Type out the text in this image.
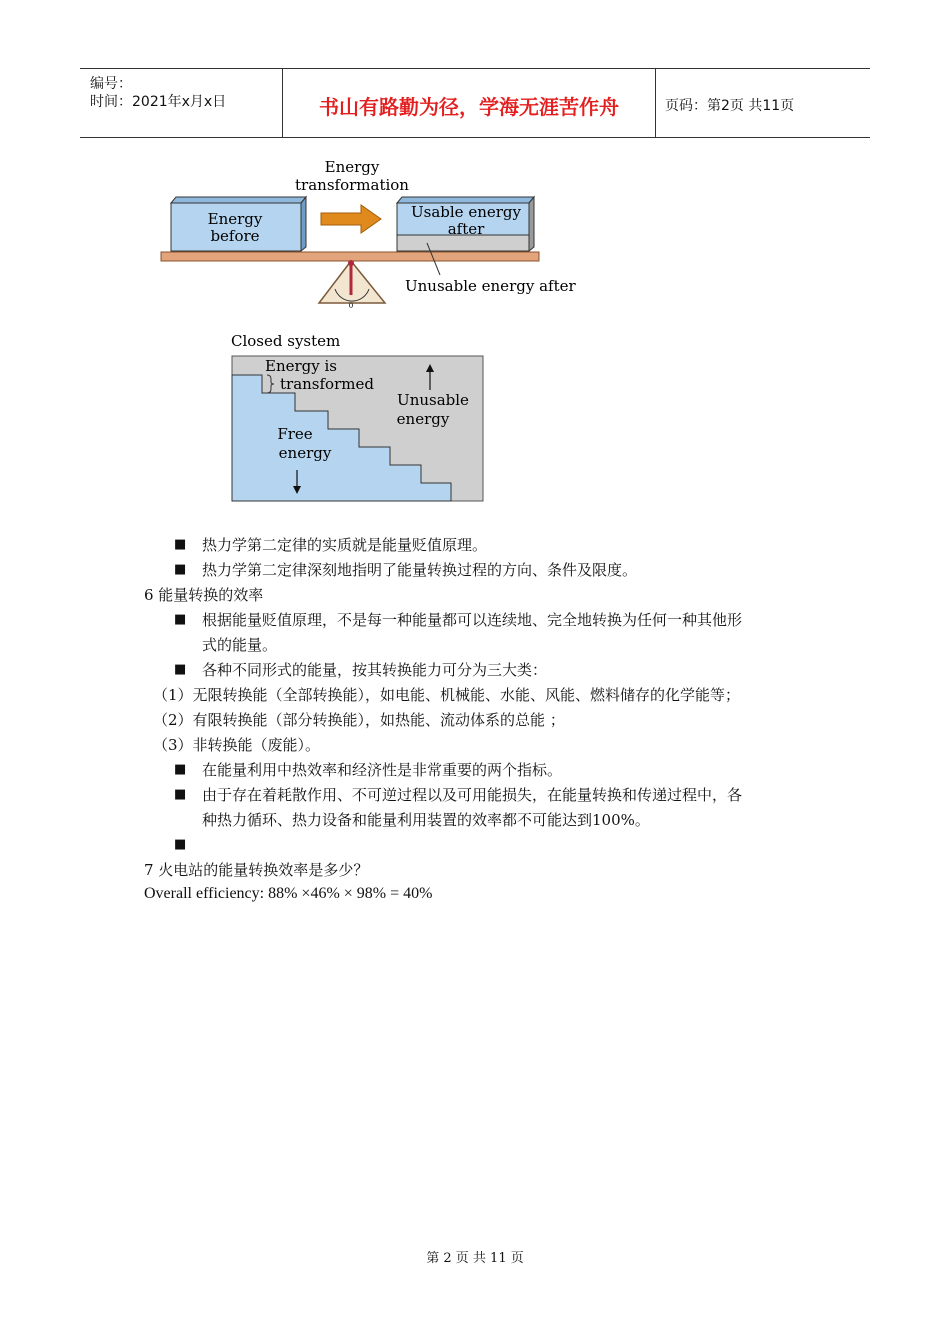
编号：
时间：2021年x月x日	书山有路勤为径，学海无涯苦作舟	页码：第2页 共11页
Energy
transformation
Energy
before
Usable energy
after
0
Unusable energy after
Closed system
Energy is
transformed
Unusable
energy
Free
energy
■ 热力学第二定律的实质就是能量贬值原理。
■ 热力学第二定律深刻地指明了能量转换过程的方向、条件及限度。
6 能量转换的效率
■ 根据能量贬值原理，不是每一种能量都可以连续地、完全地转换为任何一种其他形
式的能量。
■ 各种不同形式的能量，按其转换能力可分为三大类：
（1）无限转换能（全部转换能），如电能、机械能、水能、风能、燃料储存的化学能等；
（2）有限转换能（部分转换能），如热能、流动体系的总能 ；
（3）非转换能（废能）。
■ 在能量利用中热效率和经济性是非常重要的两个指标。
■ 由于存在着耗散作用、不可逆过程以及可用能损失，在能量转换和传递过程中，各
种热力循环、热力设备和能量利用装置的效率都不可能达到100%。
■
7 火电站的能量转换效率是多少？
Overall efficiency: 88% ×46% × 98% = 40%
第 2 页 共 11 页
